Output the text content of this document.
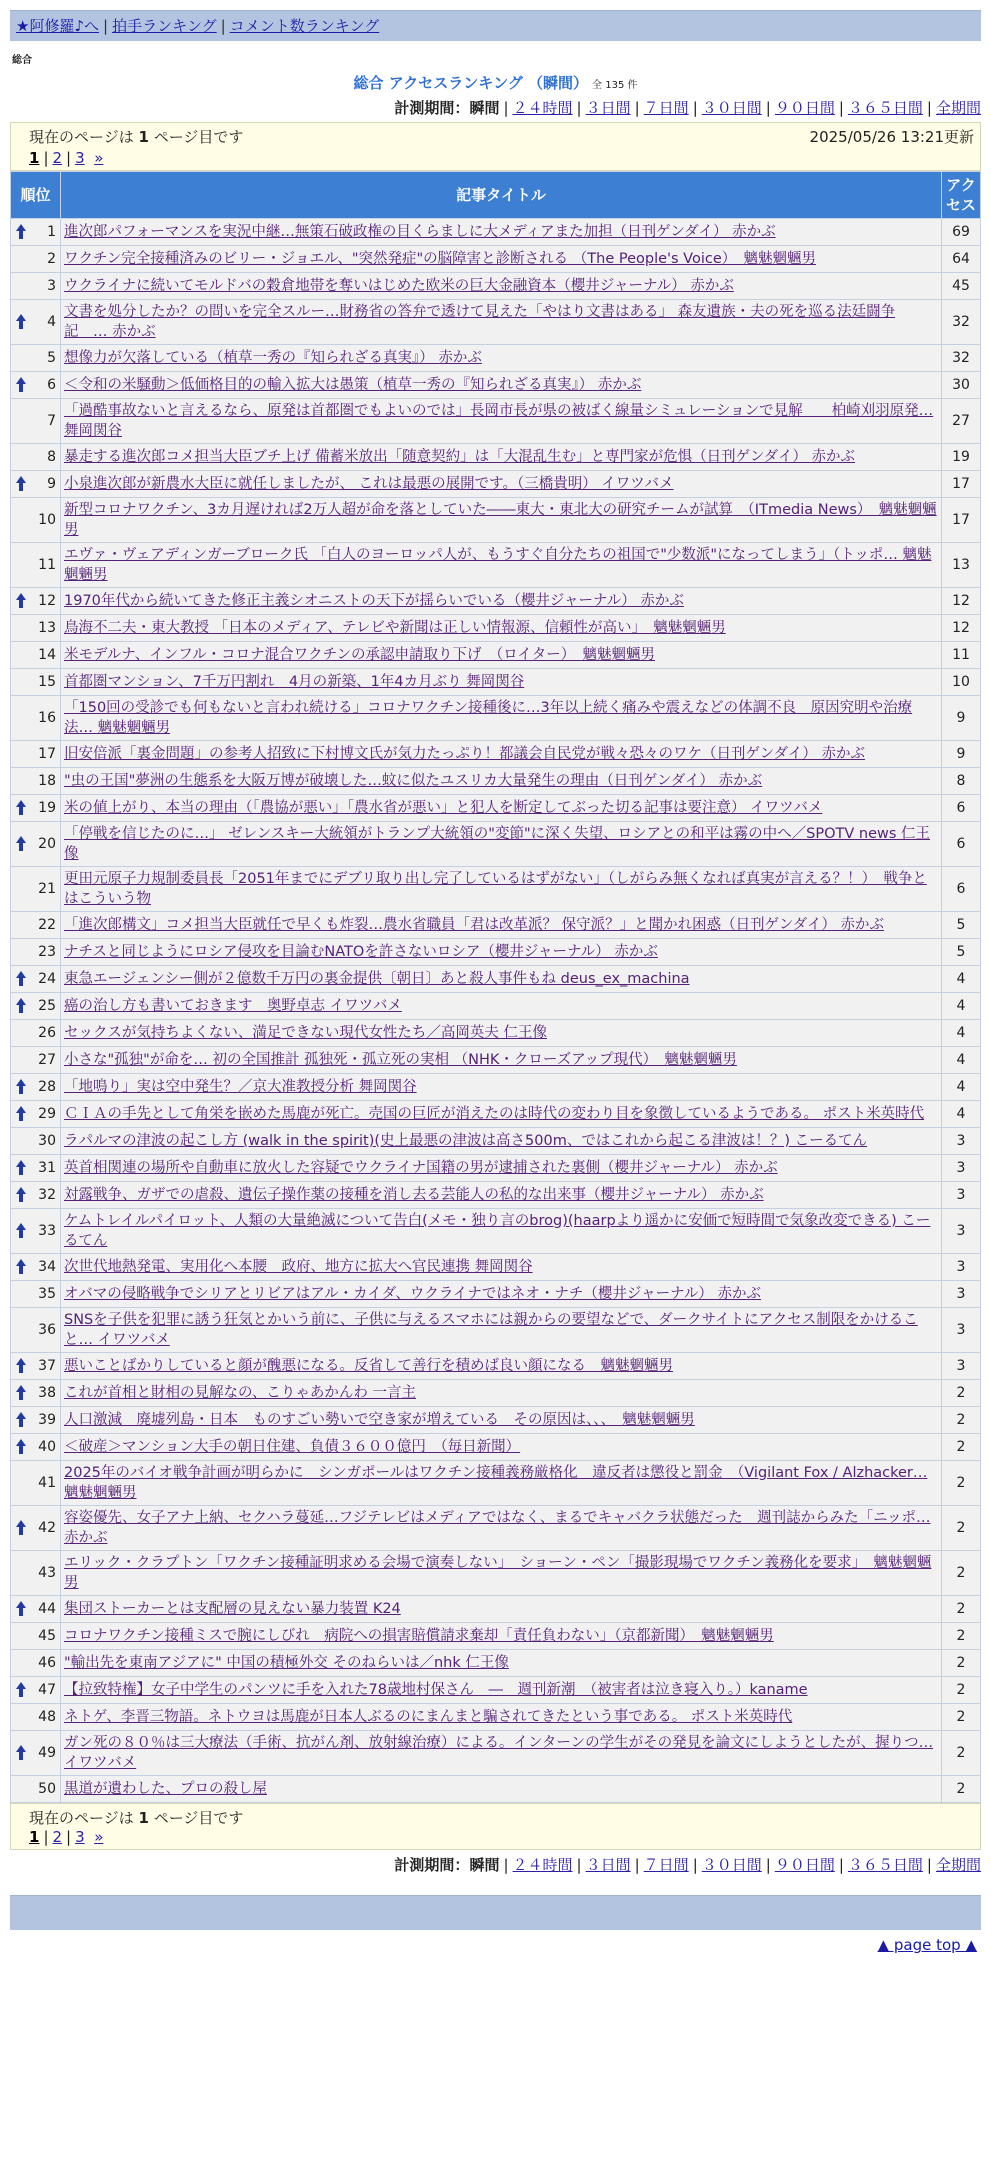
★阿修羅♪へ | 拍手ランキング | コメント数ランキング
総合
総合 アクセスランキング （瞬間） 全 135 件
計測期間：瞬間 | ２４時間 | ３日間 | ７日間 | ３０日間 | ９０日間 | ３６５日間 | 全期間
現在のページは 1 ページ目です	2025/05/26 13:21更新
1 | 2 | 3 »
順位	記事タイトル	アクセス

1	進次郎パフォーマンスを実況中継…無策石破政権の目くらましに大メディアまた加担（日刊ゲンダイ） 赤かぶ	69
2	ワクチン完全接種済みのビリー・ジョエル、"突然発症"の脳障害と診断される （The People's Voice）　魑魅魍魎男	64
3	ウクライナに続いてモルドバの穀倉地帯を奪いはじめた欧米の巨大金融資本（櫻井ジャーナル） 赤かぶ	45

4	文書を処分したか？の問いを完全スルー…財務省の答弁で透けて見えた「やはり文書はある」 森友遺族・夫の死を巡る法廷闘争記　… 赤かぶ	32
5	想像力が欠落している（植草一秀の『知られざる真実』） 赤かぶ	32

6	＜令和の米騒動＞低価格目的の輸入拡大は愚策（植草一秀の『知られざる真実』） 赤かぶ	30
7	「過酷事故ないと言えるなら、原発は首都圏でもよいのでは」長岡市長が県の被ばく線量シミュレーションで見解　　柏崎刈羽原発… 舞岡関谷	27
8	暴走する進次郎コメ担当大臣ブチ上げ 備蓄米放出「随意契約」は「大混乱生む」と専門家が危惧（日刊ゲンダイ） 赤かぶ	19

9	小泉進次郎が新農水大臣に就任しましたが、 これは最悪の展開です。（三橋貴明） イワツバメ	17
10	新型コロナワクチン、3カ月遅ければ2万人超が命を落としていた――東大・東北大の研究チームが試算　（ITmedia News）　魑魅魍魎男	17
11	エヴァ・ヴェアディンガーブローク氏 「白人のヨーロッパ人が、もうすぐ自分たちの祖国で"少数派"になってしまう」（トッポ… 魑魅魍魎男	13

12	1970年代から続いてきた修正主義シオニストの天下が揺らいでいる（櫻井ジャーナル） 赤かぶ	12
13	鳥海不二夫・東大教授 「日本のメディア、テレビや新聞は正しい情報源、信頼性が高い」　魑魅魍魎男	12
14	米モデルナ、インフル・コロナ混合ワクチンの承認申請取り下げ　（ロイター）　魑魅魍魎男	11
15	首都圏マンション、7千万円割れ　4月の新築、1年4カ月ぶり 舞岡関谷	10
16	「150回の受診でも何もないと言われ続ける」コロナワクチン接種後に…3年以上続く痛みや震えなどの体調不良　原因究明や治療法… 魑魅魍魎男	9
17	旧安倍派「裏金問題」の参考人招致に下村博文氏が気力たっぷり！都議会自民党が戦々恐々のワケ（日刊ゲンダイ） 赤かぶ	9
18	"虫の王国"夢洲の生態系を大阪万博が破壊した…蚊に似たユスリカ大量発生の理由（日刊ゲンダイ） 赤かぶ	8

19	米の値上がり、本当の理由（「農協が悪い」「農水省が悪い」と犯人を断定してぶった切る記事は要注意） イワツバメ	6

20	「停戦を信じたのに…」 ゼレンスキー大統領がトランプ大統領の"変節"に深く失望、ロシアとの和平は霧の中へ／SPOTV news 仁王像	6
21	更田元原子力規制委員長「2051年までにデブリ取り出し完了しているはずがない」（しがらみ無くなれば真実が言える？！）　戦争とはこういう物	6
22	「進次郎構文」コメ担当大臣就任で早くも炸裂…農水省職員「君は改革派？ 保守派？」と聞かれ困惑（日刊ゲンダイ） 赤かぶ	5
23	ナチスと同じようにロシア侵攻を目論むNATOを許さないロシア（櫻井ジャーナル） 赤かぶ	5

24	東急エージェンシー側が２億数千万円の裏金提供〔朝日〕あと殺人事件もね deus_ex_machina	4

25	癌の治し方も書いておきます　奥野卓志 イワツバメ	4
26	セックスが気持ちよくない、満足できない現代女性たち／高岡英夫 仁王像	4
27	小さな"孤独"が命を… 初の全国推計 孤独死・孤立死の実相 （NHK・クローズアップ現代）　魑魅魍魎男	4

28	「地鳴り」実は空中発生？／京大准教授分析 舞岡関谷	4

29	ＣＩＡの手先として角栄を嵌めた馬鹿が死亡。売国の巨匠が消えたのは時代の変わり目を象徴しているようである。 ポスト米英時代	4
30	ラパルマの津波の起こし方 (walk in the spirit)(史上最悪の津波は高さ500m、ではこれから起こる津波は！？) こーるてん	3

31	英首相関連の場所や自動車に放火した容疑でウクライナ国籍の男が逮捕された裏側（櫻井ジャーナル） 赤かぶ	3

32	対露戦争、ガザでの虐殺、遺伝子操作薬の接種を消し去る芸能人の私的な出来事（櫻井ジャーナル） 赤かぶ	3

33	ケムトレイルパイロット、人類の大量絶滅について告白(メモ・独り言のbrog)(haarpより遥かに安価で短時間で気象改変できる) こーるてん	3

34	次世代地熱発電、実用化へ本腰　政府、地方に拡大へ官民連携 舞岡関谷	3
35	オバマの侵略戦争でシリアとリビアはアル・カイダ、ウクライナではネオ・ナチ（櫻井ジャーナル） 赤かぶ	3
36	SNSを子供を犯罪に誘う狂気とかいう前に、子供に与えるスマホには親からの要望などで、ダークサイトにアクセス制限をかけること… イワツバメ	3

37	悪いことばかりしていると顔が醜悪になる。反省して善行を積めば良い顔になる　魑魅魍魎男	3

38	これが首相と財相の見解なの、こりゃあかんわ 一言主	2

39	人口激減　廃墟列島・日本　ものすごい勢いで空き家が増えている　その原因は、、、　魑魅魍魎男	2

40	＜破産＞マンション大手の朝日住建、負債３６００億円　（毎日新聞）	2
41	2025年のバイオ戦争計画が明らかに　シンガポールはワクチン接種義務厳格化　違反者は懲役と罰金　（Vigilant Fox / Alzhacker… 魑魅魍魎男	2

42	容姿優先、女子アナ上納、セクハラ蔓延…フジテレビはメディアではなく、まるでキャバクラ状態だった　週刊誌からみた「ニッポ… 赤かぶ	2
43	エリック・クラプトン「ワクチン接種証明求める会場で演奏しない」　ショーン・ペン「撮影現場でワクチン義務化を要求」　魑魅魍魎男	2

44	集団ストーカーとは支配層の見えない暴力装置 K24	2
45	コロナワクチン接種ミスで腕にしびれ　病院への損害賠償請求棄却「責任負わない」（京都新聞）　魑魅魍魎男	2
46	"輸出先を東南アジアに" 中国の積極外交 そのねらいは／nhk 仁王像	2

47	【拉致特権】女子中学生のパンツに手を入れた78歳地村保さん　―　週刊新潮　（被害者は泣き寝入り。）kaname	2
48	ネトゲ、李晋三物語。ネトウヨは馬鹿が日本人ぶるのにまんまと騙されてきたという事である。 ポスト米英時代	2

49	ガン死の８０％は三大療法（手術、抗がん剤、放射線治療）による。インターンの学生がその発見を論文にしようとしたが、握りつ… イワツバメ	2
50	黒道が遺わした、プロの殺し屋	2
現在のページは 1 ページ目です
1 | 2 | 3 »
計測期間：瞬間 | ２４時間 | ３日間 | ７日間 | ３０日間 | ９０日間 | ３６５日間 | 全期間
▲ page top ▲
